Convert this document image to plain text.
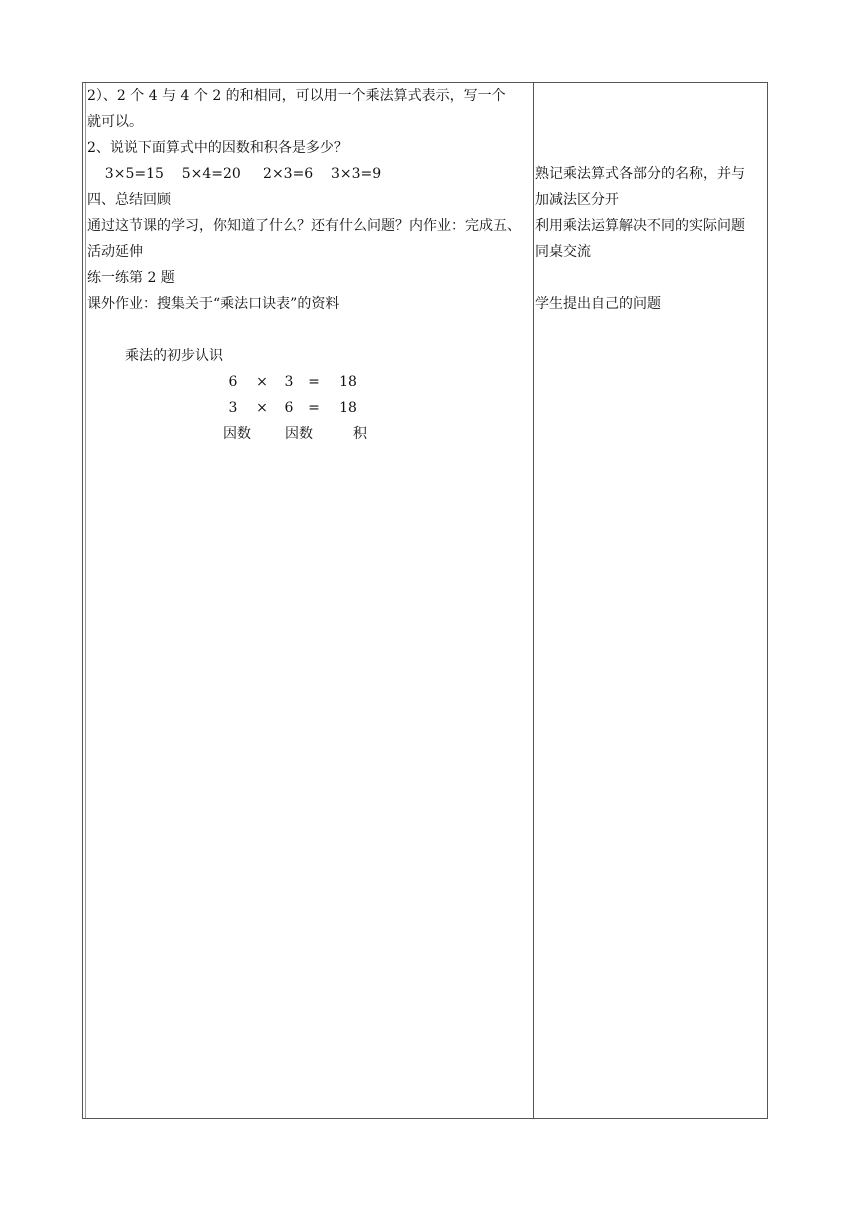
2）、2 个 4 与 4 个 2 的和相同，可以用一个乘法算式表示，写一个
就可以。
2、说说下面算式中的因数和积各是多少？
3×5=15    5×4=20     2×3=6    3×3=9
四、总结回顾
通过这节课的学习，你知道了什么？还有什么问题？内作业：完成五、
活动延伸
练一练第 2 题
课外作业：搜集关于“乘法口诀表”的资料
乘法的初步认识
6	×	3	=	18
3	×	6	=	18
因数	因数	积
熟记乘法算式各部分的名称，并与
加减法区分开
利用乘法运算解决不同的实际问题
同桌交流
学生提出自己的问题
